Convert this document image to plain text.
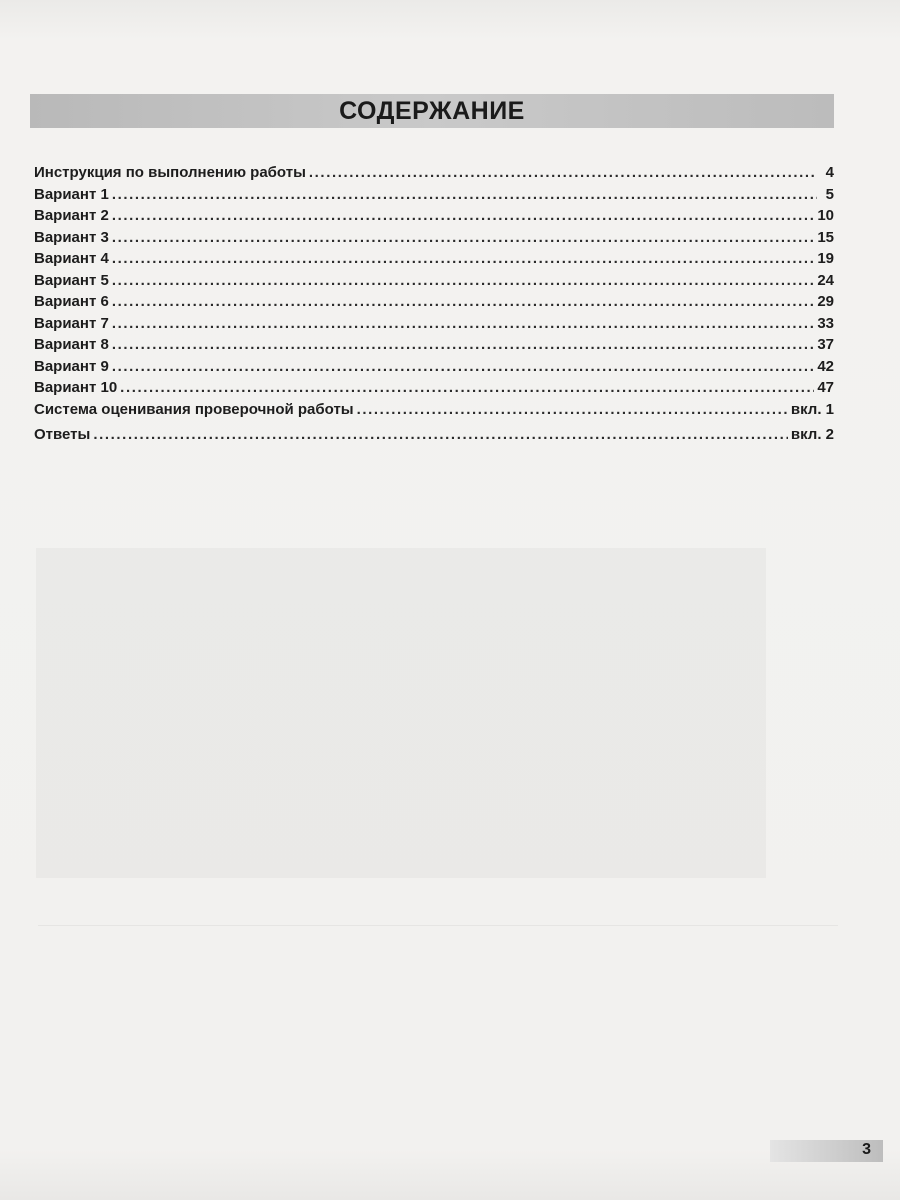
СОДЕРЖАНИЕ
Инструкция по выполнению работы .....	4
Вариант 1 .....	5
Вариант 2 .....	10
Вариант 3 .....	15
Вариант 4 .....	19
Вариант 5 .....	24
Вариант 6 .....	29
Вариант 7 .....	33
Вариант 8 .....	37
Вариант 9 .....	42
Вариант 10 .....	47
Система оценивания проверочной работы .....	вкл. 1
Ответы .....	вкл. 2
3
